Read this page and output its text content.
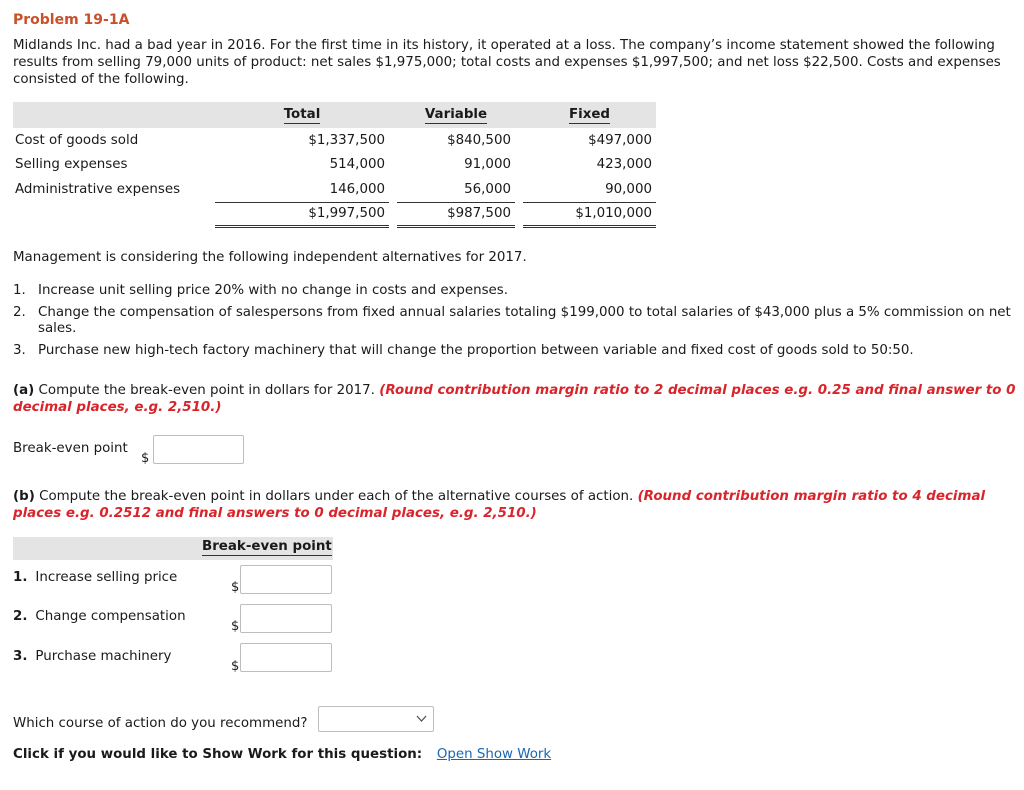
Problem 19-1A
Midlands Inc. had a bad year in 2016. For the first time in its history, it operated at a loss. The company’s income statement showed the following results from selling 79,000 units of product: net sales $1,975,000; total costs and expenses $1,997,500; and net loss $22,500. Costs and expenses consisted of the following.
	Total		Variable		Fixed
Cost of goods sold	$1,337,500		$840,500		$497,000
Selling expenses	514,000		91,000		423,000
Administrative expenses	146,000		56,000		90,000
	$1,997,500		$987,500		$1,010,000
Management is considering the following independent alternatives for 2017.
1. Increase unit selling price 20% with no change in costs and expenses.
2. Change the compensation of salespersons from fixed annual salaries totaling $199,000 to total salaries of $43,000 plus a 5% commission on net sales.
3. Purchase new high-tech factory machinery that will change the proportion between variable and fixed cost of goods sold to 50:50.
(a) Compute the break-even point in dollars for 2017. (Round contribution margin ratio to 2 decimal places e.g. 0.25 and final answer to 0 decimal places, e.g. 2,510.)
Break-even point
$
(b) Compute the break-even point in dollars under each of the alternative courses of action. (Round contribution margin ratio to 4 decimal places e.g. 0.2512 and final answers to 0 decimal places, e.g. 2,510.)
Break-even point
1. Increase selling price
$
2. Change compensation
$
3. Purchase machinery
$
Which course of action do you recommend?
Click if you would like to Show Work for this question: Open Show Work
